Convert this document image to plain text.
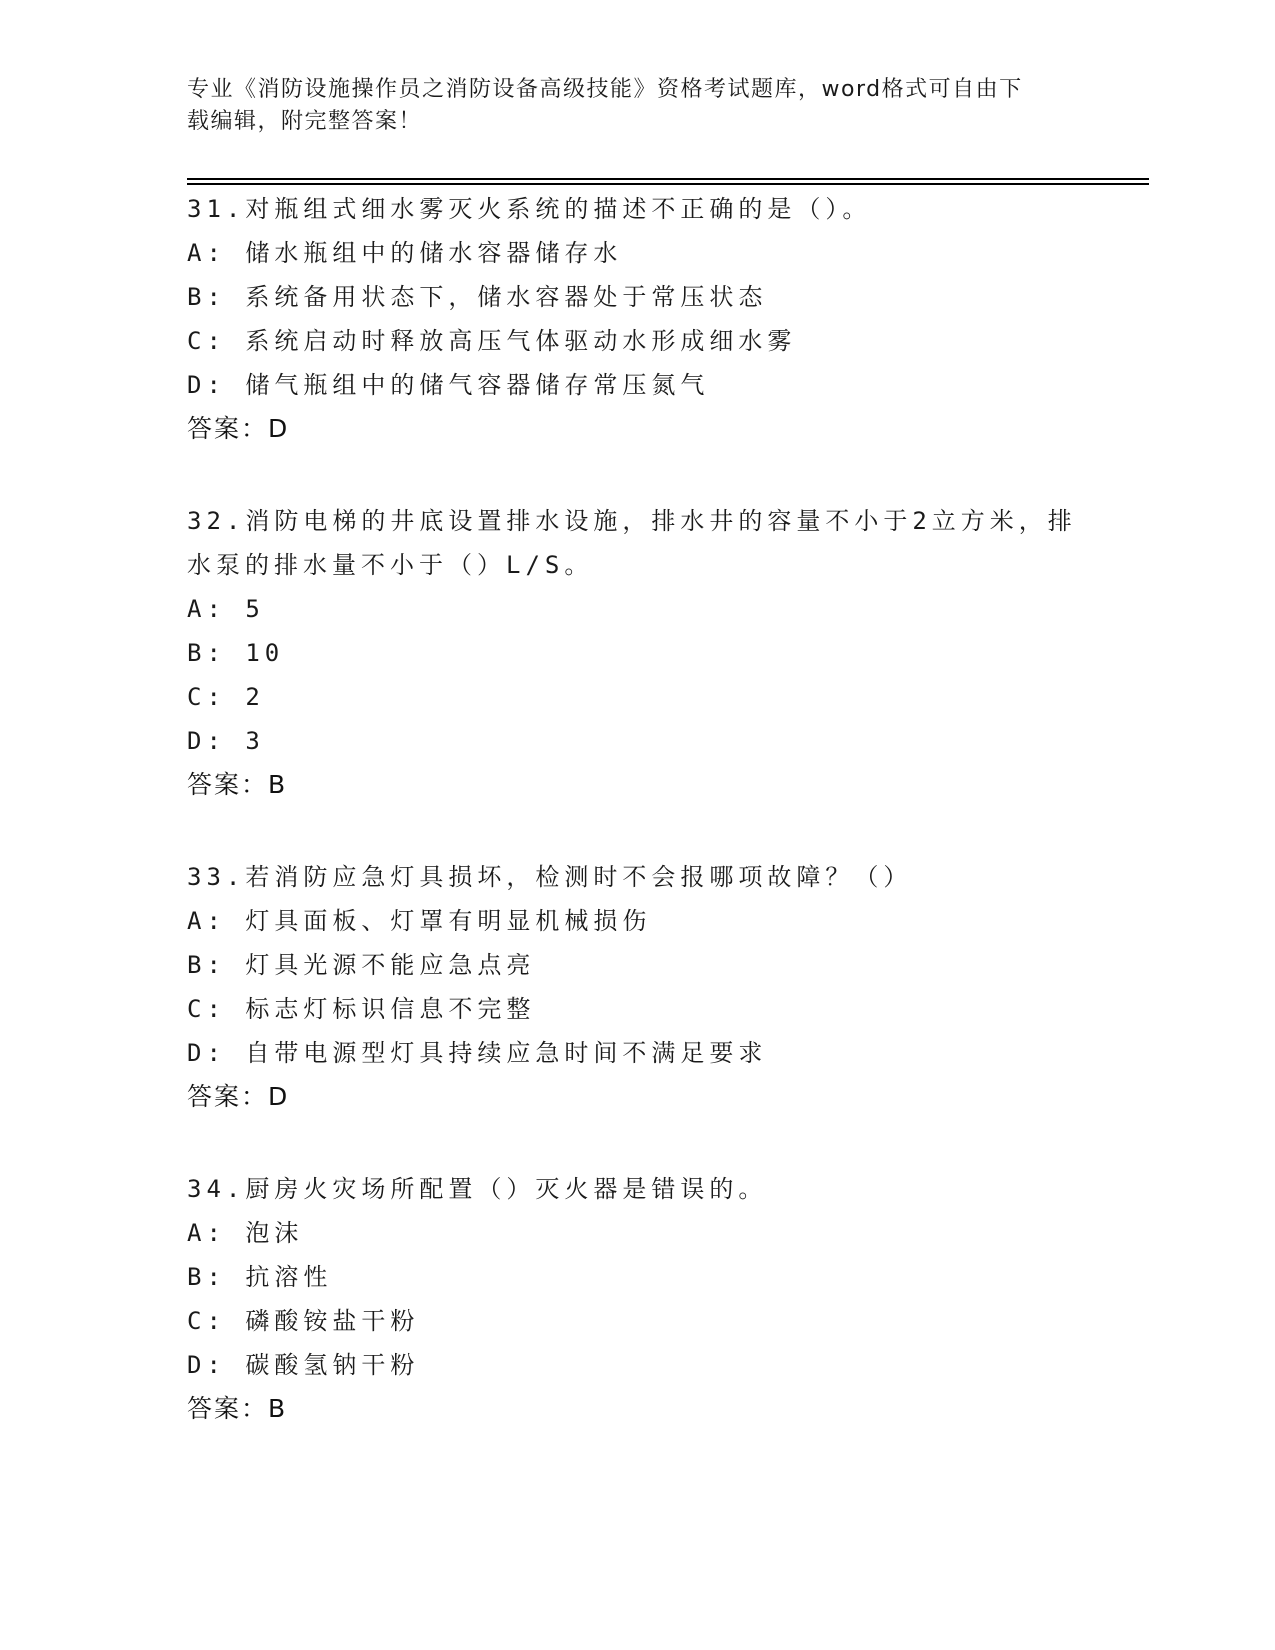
专业《消防设施操作员之消防设备高级技能》资格考试题库，word格式可自由下
载编辑，附完整答案！
31.对瓶组式细水雾灭火系统的描述不正确的是（）。
A: 储水瓶组中的储水容器储存水
B: 系统备用状态下，储水容器处于常压状态
C: 系统启动时释放高压气体驱动水形成细水雾
D: 储气瓶组中的储气容器储存常压氮气
答案：D
32.消防电梯的井底设置排水设施，排水井的容量不小于2立方米，排
水泵的排水量不小于（）L/S。
A: 5
B: 10
C: 2
D: 3
答案：B
33.若消防应急灯具损坏，检测时不会报哪项故障？（）
A: 灯具面板、灯罩有明显机械损伤
B: 灯具光源不能应急点亮
C: 标志灯标识信息不完整
D: 自带电源型灯具持续应急时间不满足要求
答案：D
34.厨房火灾场所配置（）灭火器是错误的。
A: 泡沫
B: 抗溶性
C: 磷酸铵盐干粉
D: 碳酸氢钠干粉
答案：B
